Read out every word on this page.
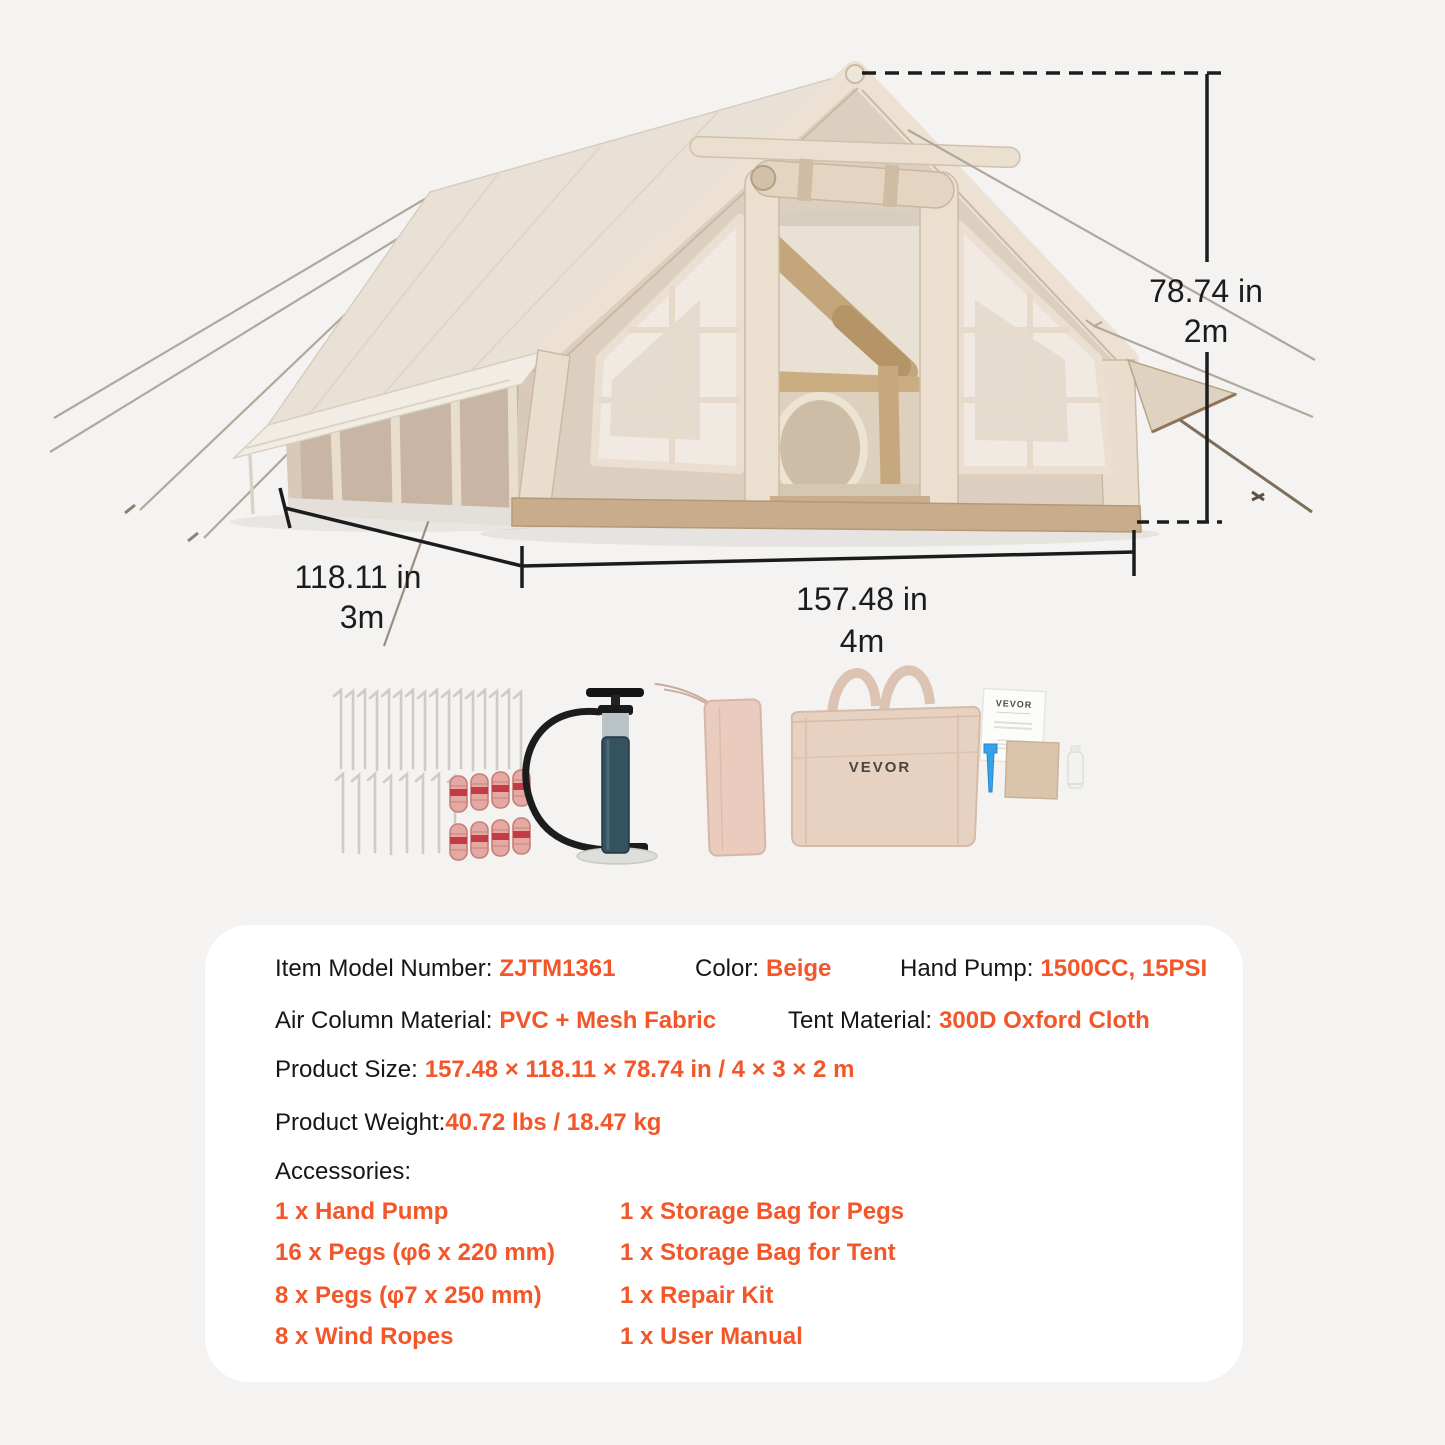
78.74 in
2m
118.11 in
3m	157.48 in
4m
VEVOR
VEVOR
Item Model Number: ZJTM1361	Color: Beige	Hand Pump: 1500CC, 15PSI
Air Column Material: PVC + Mesh Fabric	Tent Material: 300D Oxford Cloth
Product Size: 157.48 × 118.11 × 78.74 in / 4 × 3 × 2 m
Product Weight:40.72 lbs / 18.47 kg
Accessories:
1 x Hand Pump	1 x Storage Bag for Pegs
16 x Pegs (φ6 x 220 mm)	1 x Storage Bag for Tent
8 x Pegs (φ7 x 250 mm)	1 x Repair Kit
8 x Wind Ropes	1 x User Manual
